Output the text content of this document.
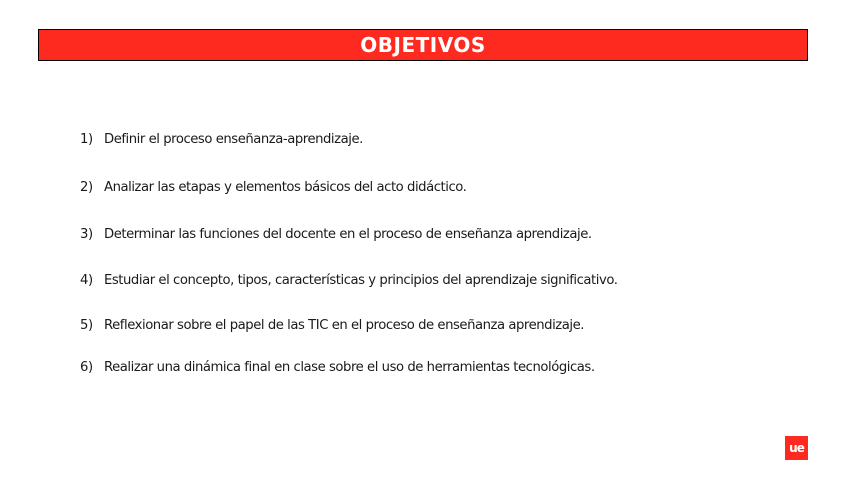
OBJETIVOS
1) Definir el proceso enseñanza-aprendizaje.
2) Analizar las etapas y elementos básicos del acto didáctico.
3) Determinar las funciones del docente en el proceso de enseñanza aprendizaje.
4) Estudiar el concepto, tipos, características y principios del aprendizaje significativo.
5) Reflexionar sobre el papel de las TIC en el proceso de enseñanza aprendizaje.
6) Realizar una dinámica final en clase sobre el uso de herramientas tecnológicas.
ue
